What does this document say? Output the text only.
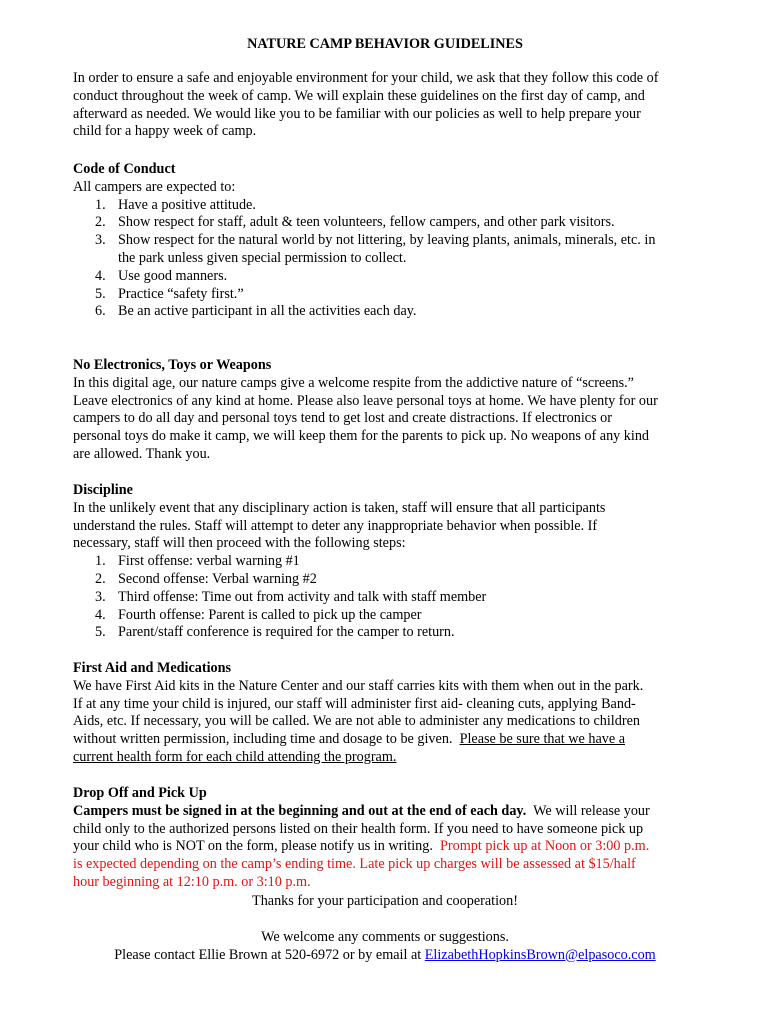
NATURE CAMP BEHAVIOR GUIDELINES
In order to ensure a safe and enjoyable environment for your child, we ask that they follow this code of
conduct throughout the week of camp. We will explain these guidelines on the first day of camp, and
afterward as needed. We would like you to be familiar with our policies as well to help prepare your
child for a happy week of camp.
Code of Conduct
All campers are expected to:
1. Have a positive attitude.
2. Show respect for staff, adult & teen volunteers, fellow campers, and other park visitors.
3. Show respect for the natural world by not littering, by leaving plants, animals, minerals, etc. in
the park unless given special permission to collect.
4. Use good manners.
5. Practice “safety first.”
6. Be an active participant in all the activities each day.
No Electronics, Toys or Weapons
In this digital age, our nature camps give a welcome respite from the addictive nature of “screens.”
Leave electronics of any kind at home. Please also leave personal toys at home. We have plenty for our
campers to do all day and personal toys tend to get lost and create distractions. If electronics or
personal toys do make it camp, we will keep them for the parents to pick up. No weapons of any kind
are allowed. Thank you.
Discipline
In the unlikely event that any disciplinary action is taken, staff will ensure that all participants
understand the rules. Staff will attempt to deter any inappropriate behavior when possible. If
necessary, staff will then proceed with the following steps:
1. First offense: verbal warning #1
2. Second offense: Verbal warning #2
3. Third offense: Time out from activity and talk with staff member
4. Fourth offense: Parent is called to pick up the camper
5. Parent/staff conference is required for the camper to return.
First Aid and Medications
We have First Aid kits in the Nature Center and our staff carries kits with them when out in the park.
If at any time your child is injured, our staff will administer first aid- cleaning cuts, applying Band-
Aids, etc. If necessary, you will be called. We are not able to administer any medications to children
without written permission, including time and dosage to be given.  Please be sure that we have a
current health form for each child attending the program.
Drop Off and Pick Up
Campers must be signed in at the beginning and out at the end of each day.  We will release your
child only to the authorized persons listed on their health form. If you need to have someone pick up
your child who is NOT on the form, please notify us in writing.  Prompt pick up at Noon or 3:00 p.m.
is expected depending on the camp’s ending time. Late pick up charges will be assessed at $15/half
hour beginning at 12:10 p.m. or 3:10 p.m.
Thanks for your participation and cooperation!
We welcome any comments or suggestions.
Please contact Ellie Brown at 520-6972 or by email at ElizabethHopkinsBrown@elpasoco.com
